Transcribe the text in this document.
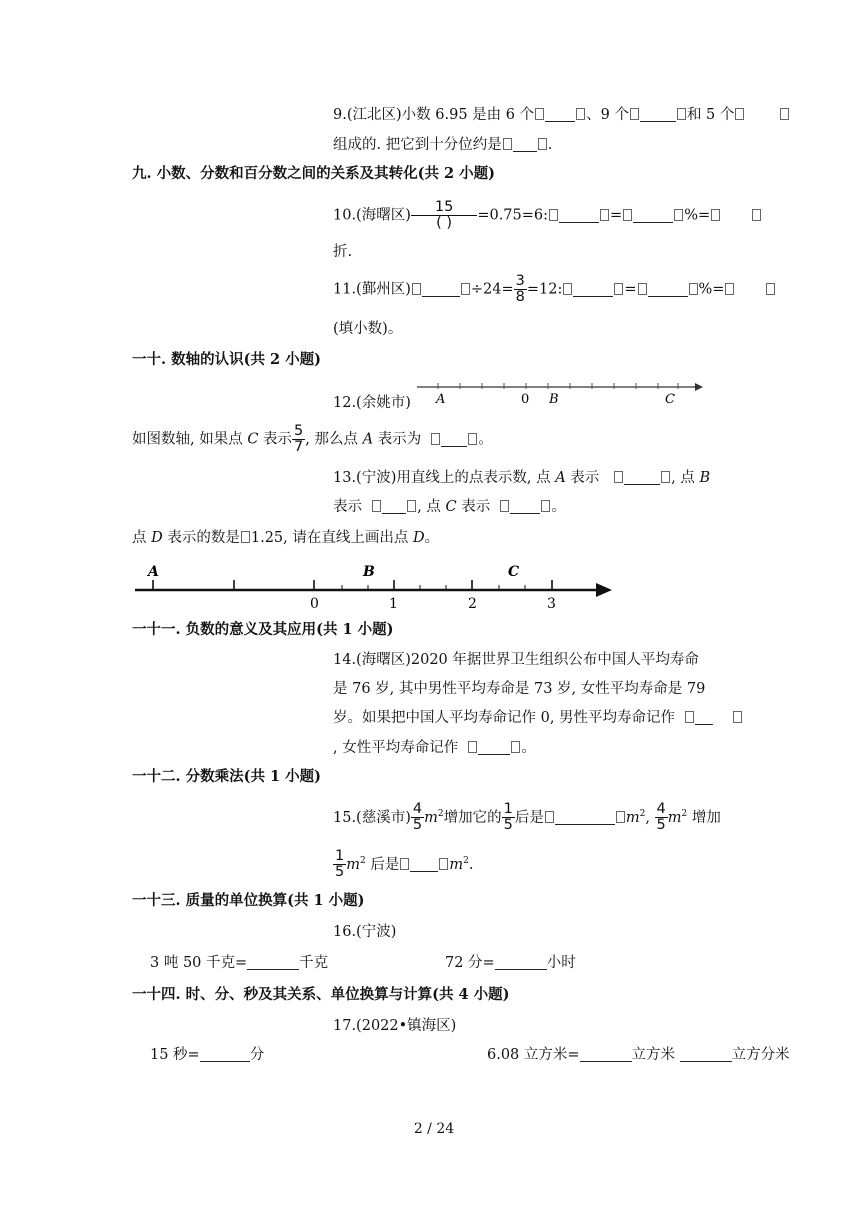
9.(江北区)小数 6.95 是由 6 个	、9 个	和 5 个
组成的. 把它到十分位约是	.
九. 小数、分数和百分数之间的关系及其转化(共 2 小题)
10.(海曙区) $\frac{15}{( )} =0.75=6$:	=	%=
折.
11.(鄞州区)	$\div 24= \frac{3}{8} =12$:	=	%=
(填小数)。
一十. 数轴的认识(共 2 小题)
12.(余姚市) A	0 B	C
如图数轴, 如果点 C 表示 $\frac{5}{7}$ , 那么点 A 表示为	。
13.(宁波)用直线上的点表示数, 点 A 表示	, 点 B
表示	, 点 C 表示	。
点 D 表示的数是 1.25, 请在直线上画出点 D。
A	B	C
0	1	2	3
一十一. 负数的意义及其应用(共 1 小题)
14.(海曙区)2020 年据世界卫生组织公布中国人平均寿命
是 76 岁, 其中男性平均寿命是 73 岁, 女性平均寿命是 79
岁。如果把中国人平均寿命记作 0, 男性平均寿命记作
, 女性平均寿命记作	。
一十二. 分数乘法(共 1 小题)
15.(慈溪市) $\frac{4}{5} m^2$增加它的 $\frac{1}{5}$ 后是	$m^2$, $\frac{4}{5} m^2$ 增加
$\frac{1}{5} m^2$ 后是	$m^2$.
一十三. 质量的单位换算(共 1 小题)
16.(宁波)
3 吨 50 千克=	千克	72 分=	小时
一十四. 时、分、秒及其关系、单位换算与计算(共 4 小题)
17.(2022•镇海区)
15 秒=	分	6.08 立方米=	立方米	立方分米
2 / 24
